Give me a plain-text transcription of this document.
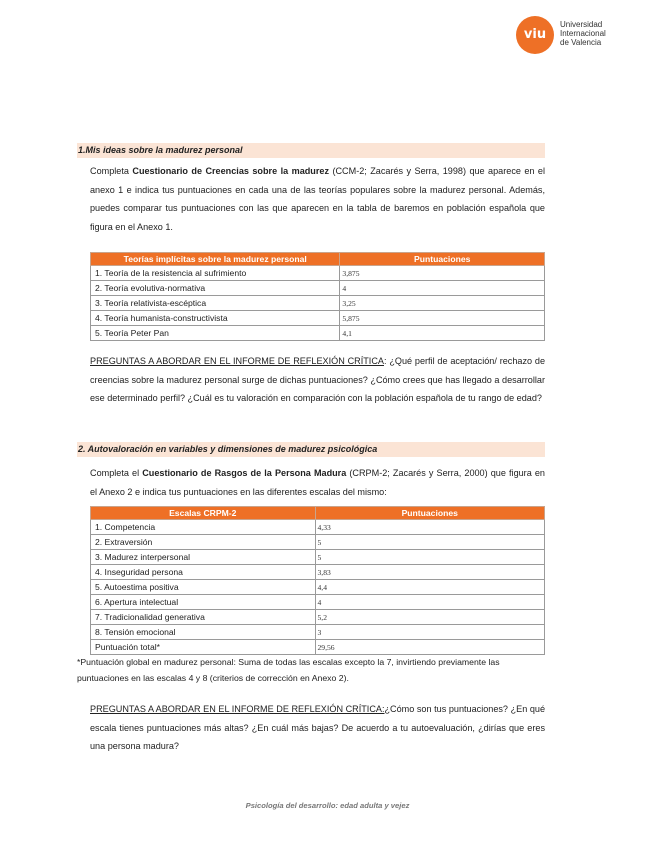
viu
Universidad
Internacional
de Valencia
1.Mis ideas sobre la madurez personal
Completa Cuestionario de Creencias sobre la madurez (CCM-2; Zacarés y Serra, 1998) que aparece en el anexo 1 e indica tus puntuaciones en cada una de las teorías populares sobre la madurez personal. Además, puedes comparar tus puntuaciones con las que aparecen en la tabla de baremos en población española que figura en el Anexo 1.
Teorías implícitas sobre la madurez personal	Puntuaciones
1. Teoría de la resistencia al sufrimiento	3,875
2. Teoría evolutiva-normativa	4
3. Teoría relativista-escéptica	3,25
4. Teoría humanista-constructivista	5,875
5. Teoría Peter Pan	4,1
PREGUNTAS A ABORDAR EN EL INFORME DE REFLEXIÓN CRÍTICA: ¿Qué perfil de aceptación/ rechazo de creencias sobre la madurez personal surge de dichas puntuaciones? ¿Cómo crees que has llegado a desarrollar ese determinado perfil? ¿Cuál es tu valoración en comparación con la población española de tu rango de edad?
2. Autovaloración en variables y dimensiones de madurez psicológica
Completa el Cuestionario de Rasgos de la Persona Madura (CRPM-2; Zacarés y Serra, 2000) que figura en el Anexo 2 e indica tus puntuaciones en las diferentes escalas del mismo:
Escalas CRPM-2	Puntuaciones
1. Competencia	4,33
2. Extraversión	5
3. Madurez interpersonal	5
4. Inseguridad persona	3,83
5. Autoestima positiva	4,4
6. Apertura intelectual	4
7. Tradicionalidad generativa	5,2
8. Tensión emocional	3
Puntuación total*	29,56
*Puntuación global en madurez personal: Suma de todas las escalas excepto la 7, invirtiendo previamente las puntuaciones en las escalas 4 y 8 (criterios de corrección en Anexo 2).
PREGUNTAS A ABORDAR EN EL INFORME DE REFLEXIÓN CRÍTICA:¿Cómo son tus puntuaciones? ¿En qué escala tienes puntuaciones más altas? ¿En cuál más bajas? De acuerdo a tu autoevaluación, ¿dirías que eres una persona madura?
Psicología del desarrollo: edad adulta y vejez
